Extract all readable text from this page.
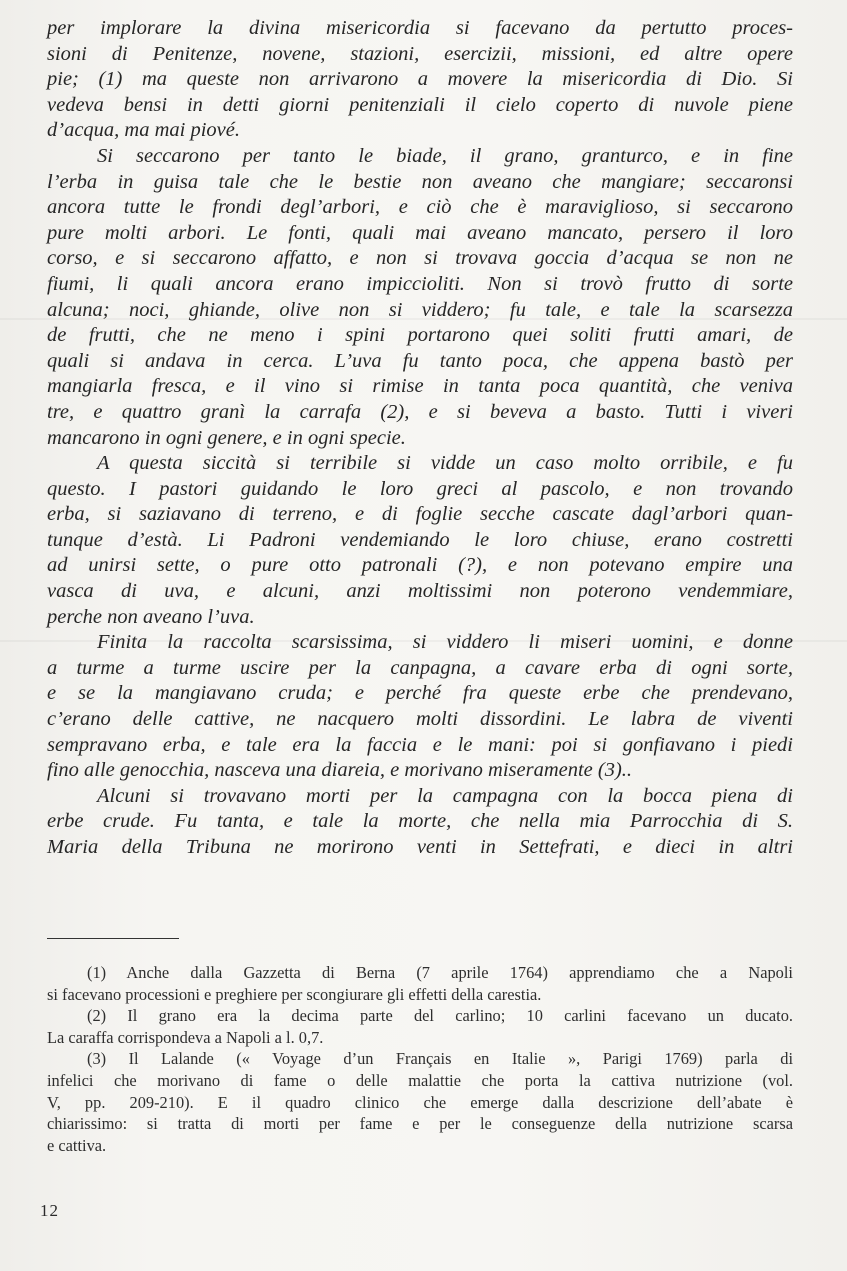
per implorare la divina misericordia si facevano da pertutto proces-
sioni di Penitenze, novene, stazioni, esercizii, missioni, ed altre opere
pie; (1) ma queste non arrivarono a movere la misericordia di Dio. Si
vedeva bensi in detti giorni penitenziali il cielo coperto di nuvole piene
d’acqua, ma mai piové.
Si seccarono per tanto le biade, il grano, granturco, e in fine
l’erba in guisa tale che le bestie non aveano che mangiare; seccaronsi
ancora tutte le frondi degl’arbori, e ciò che è maraviglioso, si seccarono
pure molti arbori. Le fonti, quali mai aveano mancato, persero il loro
corso, e si seccarono affatto, e non si trovava goccia d’acqua se non ne
fiumi, li quali ancora erano impiccioliti. Non si trovò frutto di sorte
alcuna; noci, ghiande, olive non si viddero; fu tale, e tale la scarsezza
de frutti, che ne meno i spini portarono quei soliti frutti amari, de
quali si andava in cerca. L’uva fu tanto poca, che appena bastò per
mangiarla fresca, e il vino si rimise in tanta poca quantità, che veniva
tre, e quattro granì la carrafa (2), e si beveva a basto. Tutti i viveri
mancarono in ogni genere, e in ogni specie.
A questa siccità si terribile si vidde un caso molto orribile, e fu
questo. I pastori guidando le loro greci al pascolo, e non trovando
erba, si saziavano di terreno, e di foglie secche cascate dagl’arbori quan-
tunque d’està. Li Padroni vendemiando le loro chiuse, erano costretti
ad unirsi sette, o pure otto patronali (?), e non potevano empire una
vasca di uva, e alcuni, anzi moltissimi non poterono vendemmiare,
perche non aveano l’uva.
Finita la raccolta scarsissima, si viddero li miseri uomini, e donne
a turme a turme uscire per la canpagna, a cavare erba di ogni sorte,
e se la mangiavano cruda; e perché fra queste erbe che prendevano,
c’erano delle cattive, ne nacquero molti dissordini. Le labra de viventi
sempravano erba, e tale era la faccia e le mani: poi si gonfiavano i piedi
fino alle genocchia, nasceva una diareia, e morivano miseramente (3)..
Alcuni si trovavano morti per la campagna con la bocca piena di
erbe crude. Fu tanta, e tale la morte, che nella mia Parrocchia di S.
Maria della Tribuna ne morirono venti in Settefrati, e dieci in altri
(1) Anche dalla Gazzetta di Berna (7 aprile 1764) apprendiamo che a Napoli
si facevano processioni e preghiere per scongiurare gli effetti della carestia.
(2) Il grano era la decima parte del carlino; 10 carlini facevano un ducato.
La caraffa corrispondeva a Napoli a l. 0,7.
(3) Il Lalande (« Voyage d’un Français en Italie », Parigi 1769) parla di
infelici che morivano di fame o delle malattie che porta la cattiva nutrizione (vol.
V, pp. 209-210). E il quadro clinico che emerge dalla descrizione dell’abate è
chiarissimo: si tratta di morti per fame e per le conseguenze della nutrizione scarsa
e cattiva.
12
